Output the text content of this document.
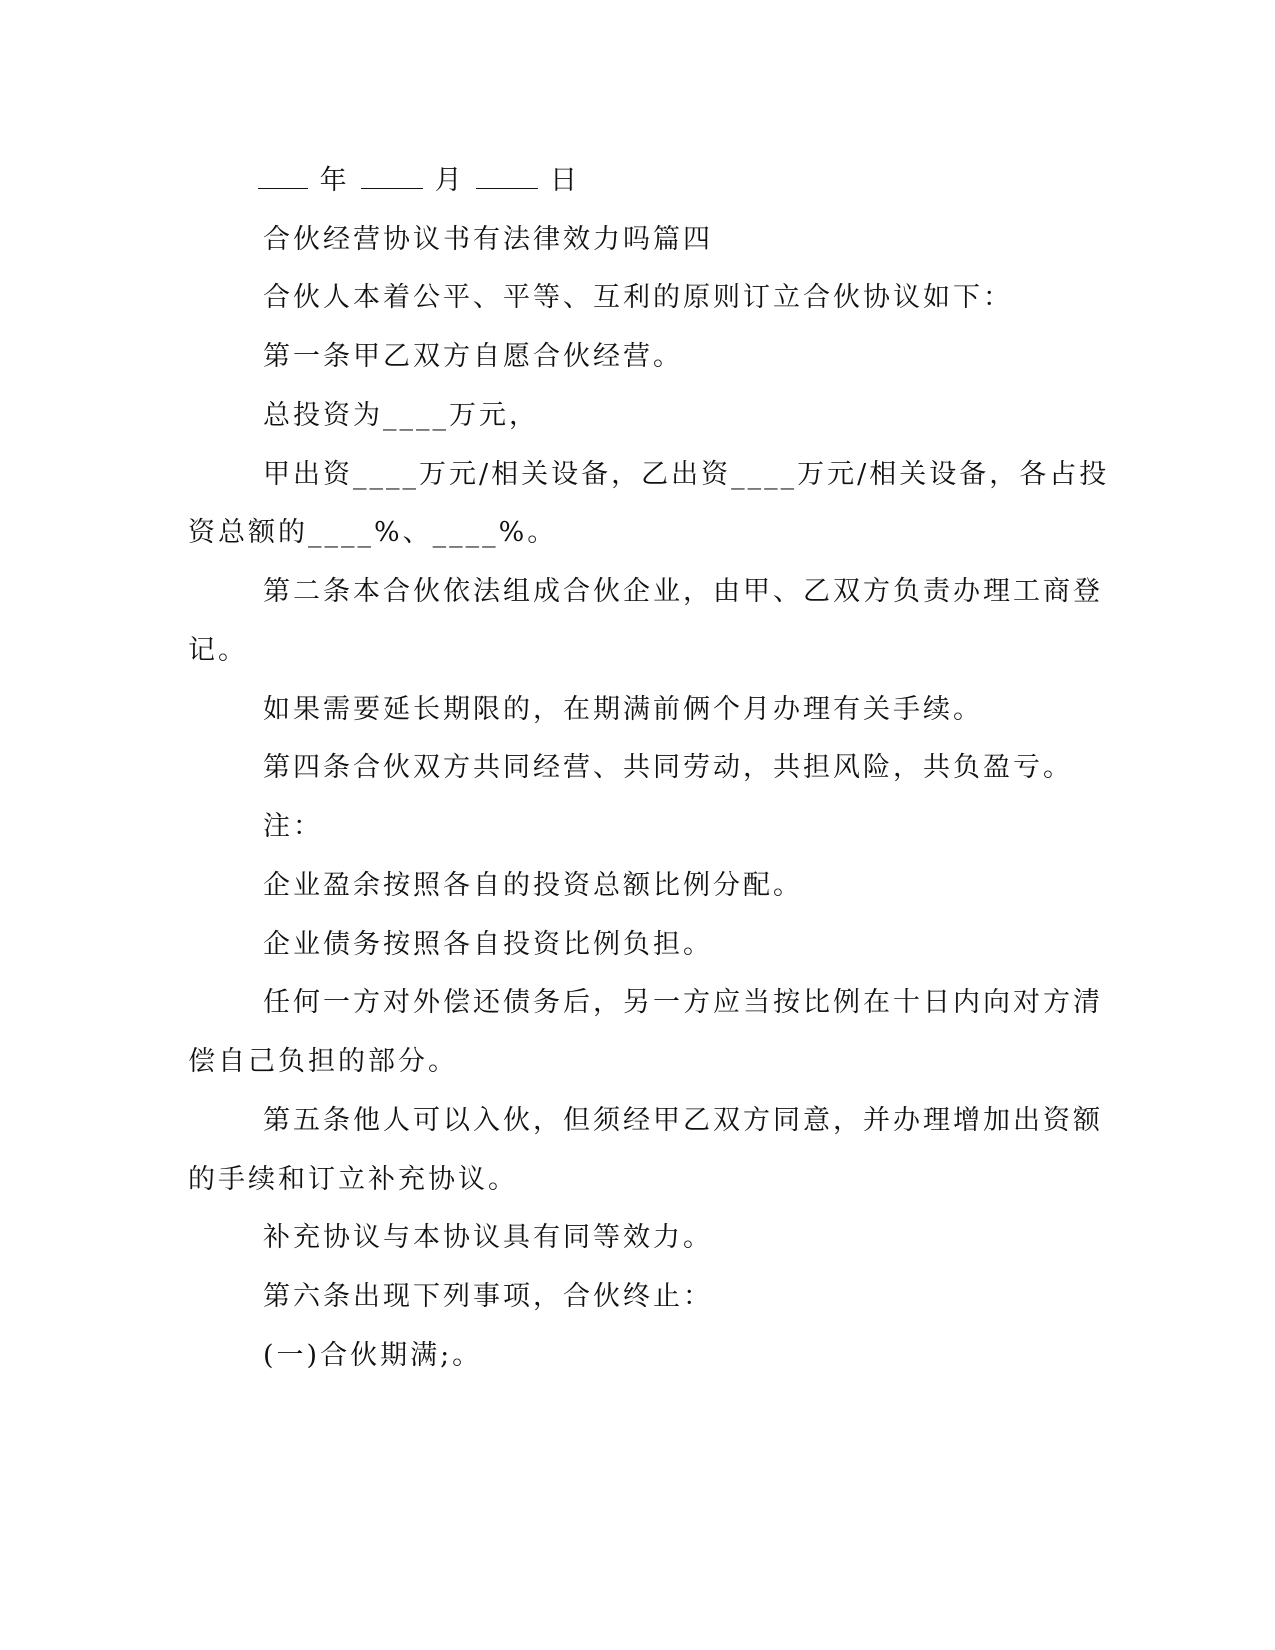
年	月	日
合伙经营协议书有法律效力吗篇四
合伙人本着公平、平等、互利的原则订立合伙协议如下：
第一条甲乙双方自愿合伙经营。
总投资为____万元，
甲出资____万元/相关设备，乙出资____万元/相关设备，各占投
资总额的____%、____%。
第二条本合伙依法组成合伙企业，由甲、乙双方负责办理工商登
记。
如果需要延长期限的，在期满前俩个月办理有关手续。
第四条合伙双方共同经营、共同劳动，共担风险，共负盈亏。
注：
企业盈余按照各自的投资总额比例分配。
企业债务按照各自投资比例负担。
任何一方对外偿还债务后，另一方应当按比例在十日内向对方清
偿自己负担的部分。
第五条他人可以入伙，但须经甲乙双方同意，并办理增加出资额
的手续和订立补充协议。
补充协议与本协议具有同等效力。
第六条出现下列事项，合伙终止：
(一)合伙期满;。
